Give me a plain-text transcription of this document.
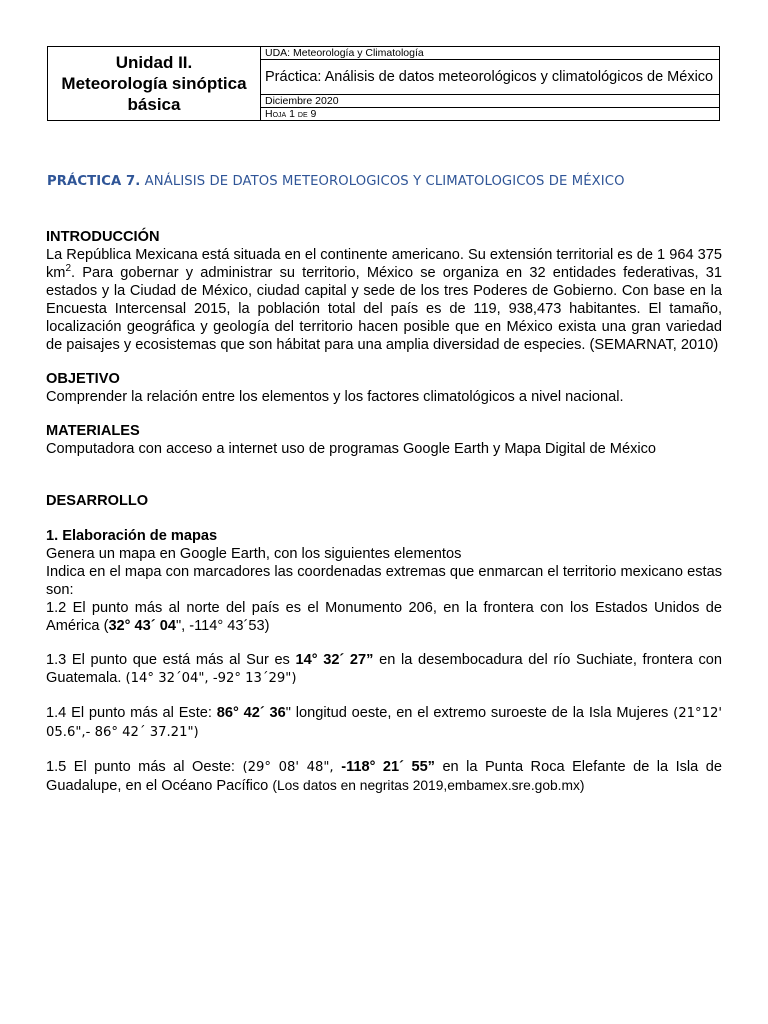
Unidad II.
Meteorología sinóptica
básica
	UDA: Meteorología y Climatología
Práctica: Análisis de datos meteorológicos y climatológicos de México
Diciembre 2020
Hoja 1 de 9
PRÁCTICA 7. ANÁLISIS DE DATOS METEOROLOGICOS Y CLIMATOLOGICOS DE MÉXICO
INTRODUCCIÓN

La República Mexicana está situada en el continente americano. Su extensión territorial es de 1 964 375 $km^2$. Para gobernar y administrar su territorio, México se organiza en 32 entidades federativas, 31 estados y la Ciudad de México, ciudad capital y sede de los tres Poderes de Gobierno. Con base en la Encuesta Intercensal 2015, la población total del país es de 119, 938,473 habitantes. El tamaño, localización geográfica y geología del territorio hacen posible que en México exista una gran variedad de paisajes y ecosistemas que son hábitat para una amplia diversidad de especies. (SEMARNAT, 2010)

OBJETIVO

Comprender la relación entre los elementos y los factores climatológicos a nivel nacional.

MATERIALES

Computadora con acceso a internet uso de programas Google Earth y Mapa Digital de México

DESARROLLO
1. Elaboración de mapas

Genera un mapa en Google Earth, con los siguientes elementos

Indica en el mapa con marcadores las coordenadas extremas que enmarcan el territorio mexicano estas son:

1.2 El punto más al norte del país es el Monumento 206, en la frontera con los Estados Unidos de América (32° 43´ 04", -114° 43´53)

1.3 El punto que está más al Sur es 14° 32´ 27” en la desembocadura del río Suchiate, frontera con Guatemala. (14° 32´04", -92° 13´29")

1.4 El punto más al Este: 86° 42´ 36" longitud oeste, en el extremo suroeste de la Isla Mujeres (21°12' 05.6",- 86° 42´ 37.21")

1.5 El punto más al Oeste: (29° 08' 48", -118° 21´ 55” en la Punta Roca Elefante de la Isla de Guadalupe, en el Océano Pacífico (Los datos en negritas 2019,embamex.sre.gob.mx)
